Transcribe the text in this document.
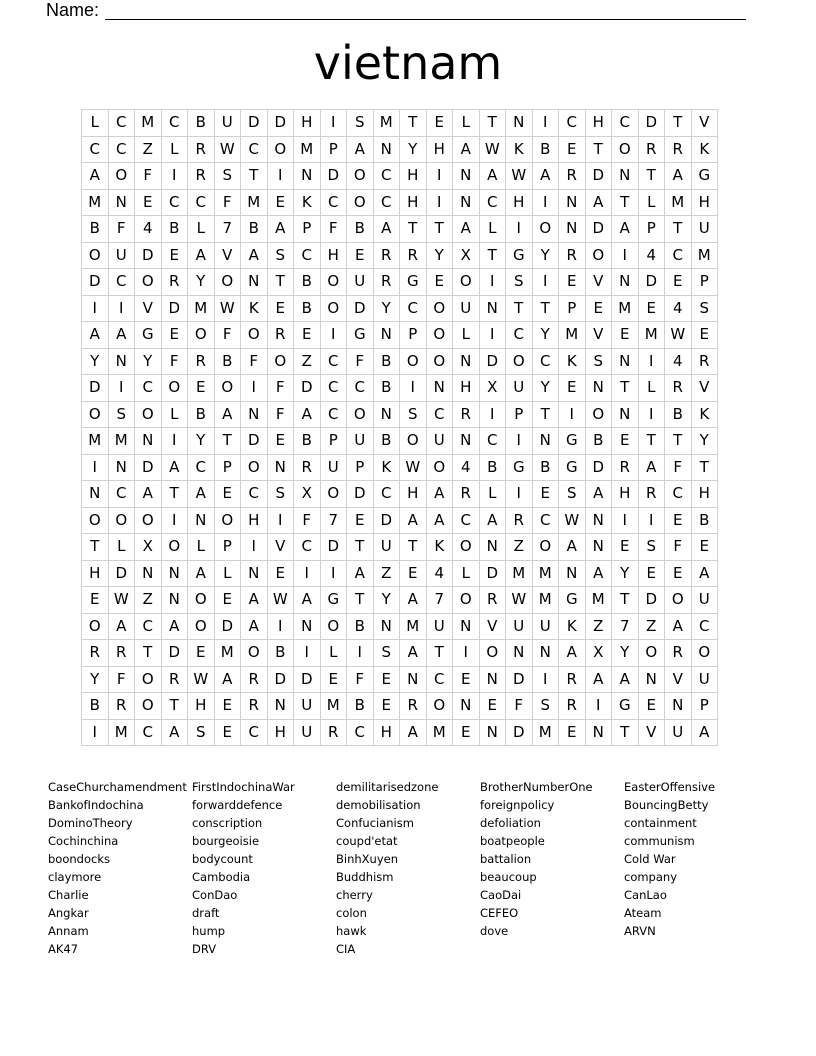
Name:
vietnam
L	C	M	C	B	U	D	D	H	I	S	M	T	E	L	T	N	I	C	H	C	D	T	V
C	C	Z	L	R	W	C	O	M	P	A	N	Y	H	A	W	K	B	E	T	O	R	R	K
A	O	F	I	R	S	T	I	N	D	O	C	H	I	N	A	W	A	R	D	N	T	A	G
M	N	E	C	C	F	M	E	K	C	O	C	H	I	N	C	H	I	N	A	T	L	M	H
B	F	4	B	L	7	B	A	P	F	B	A	T	T	A	L	I	O	N	D	A	P	T	U
O	U	D	E	A	V	A	S	C	H	E	R	R	Y	X	T	G	Y	R	O	I	4	C	M
D	C	O	R	Y	O	N	T	B	O	U	R	G	E	O	I	S	I	E	V	N	D	E	P
I	I	V	D	M	W	K	E	B	O	D	Y	C	O	U	N	T	T	P	E	M	E	4	S
A	A	G	E	O	F	O	R	E	I	G	N	P	O	L	I	C	Y	M	V	E	M	W	E
Y	N	Y	F	R	B	F	O	Z	C	F	B	O	O	N	D	O	C	K	S	N	I	4	R
D	I	C	O	E	O	I	F	D	C	C	B	I	N	H	X	U	Y	E	N	T	L	R	V
O	S	O	L	B	A	N	F	A	C	O	N	S	C	R	I	P	T	I	O	N	I	B	K
M	M	N	I	Y	T	D	E	B	P	U	B	O	U	N	C	I	N	G	B	E	T	T	Y
I	N	D	A	C	P	O	N	R	U	P	K	W	O	4	B	G	B	G	D	R	A	F	T
N	C	A	T	A	E	C	S	X	O	D	C	H	A	R	L	I	E	S	A	H	R	C	H
O	O	O	I	N	O	H	I	F	7	E	D	A	A	C	A	R	C	W	N	I	I	E	B
T	L	X	O	L	P	I	V	C	D	T	U	T	K	O	N	Z	O	A	N	E	S	F	E
H	D	N	N	A	L	N	E	I	I	A	Z	E	4	L	D	M	M	N	A	Y	E	E	A
E	W	Z	N	O	E	A	W	A	G	T	Y	A	7	O	R	W	M	G	M	T	D	O	U
O	A	C	A	O	D	A	I	N	O	B	N	M	U	N	V	U	U	K	Z	7	Z	A	C
R	R	T	D	E	M	O	B	I	L	I	S	A	T	I	O	N	N	A	X	Y	O	R	O
Y	F	O	R	W	A	R	D	D	E	F	E	N	C	E	N	D	I	R	A	A	N	V	U
B	R	O	T	H	E	R	N	U	M	B	E	R	O	N	E	F	S	R	I	G	E	N	P
I	M	C	A	S	E	C	H	U	R	C	H	A	M	E	N	D	M	E	N	T	V	U	A
CaseChurchamendment
BankofIndochina
DominoTheory
Cochinchina
boondocks
claymore
Charlie
Angkar
Annam
AK47
FirstIndochinaWar
forwarddefence
conscription
bourgeoisie
bodycount
Cambodia
ConDao
draft
hump
DRV
demilitarisedzone
demobilisation
Confucianism
coupd'etat
BinhXuyen
Buddhism
cherry
colon
hawk
CIA
BrotherNumberOne
foreignpolicy
defoliation
boatpeople
battalion
beaucoup
CaoDai
CEFEO
dove
EasterOffensive
BouncingBetty
containment
communism
Cold War
company
CanLao
Ateam
ARVN
